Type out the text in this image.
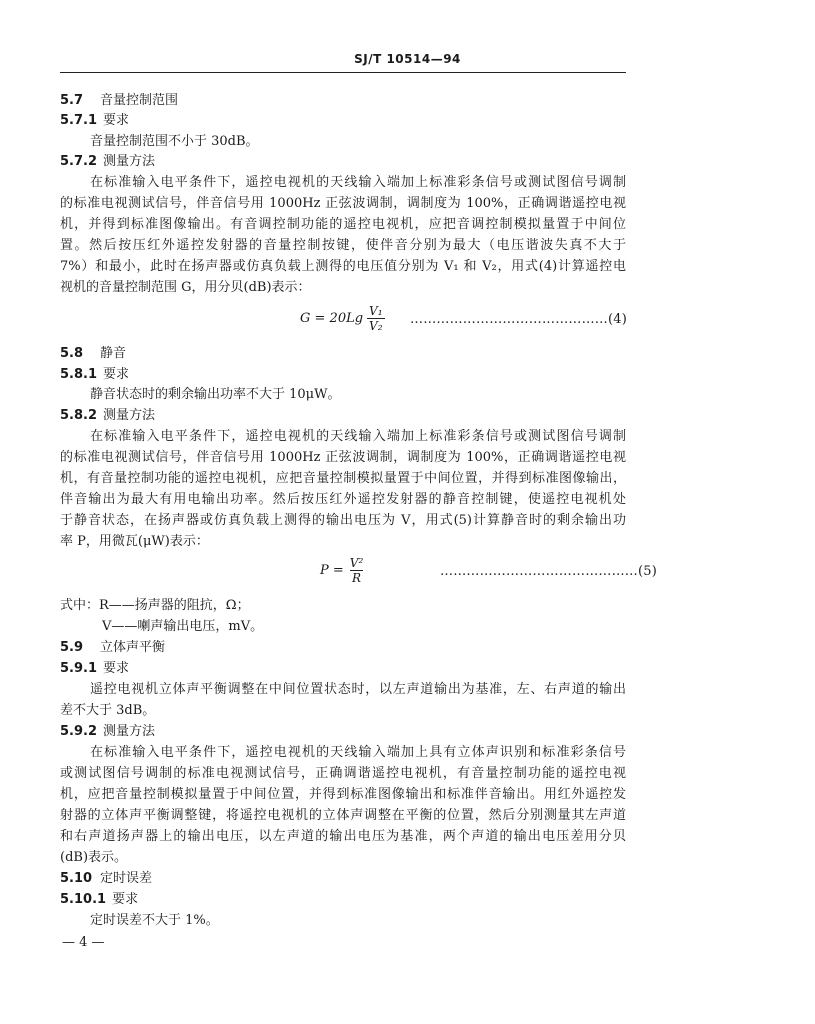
SJ/T 10514—94
5.7 音量控制范围
5.7.1 要求
音量控制范围不小于 30dB。
5.7.2 测量方法
在标准输入电平条件下，遥控电视机的天线输入端加上标准彩条信号或测试图信号调制
的标准电视测试信号，伴音信号用 1000Hz 正弦波调制，调制度为 100%，正确调谐遥控电视
机，并得到标准图像输出。有音调控制功能的遥控电视机，应把音调控制模拟量置于中间位
置。然后按压红外遥控发射器的音量控制按键，使伴音分别为最大（电压谐波失真不大于
7%）和最小，此时在扬声器或仿真负载上测得的电压值分别为 V₁ 和 V₂，用式(4)计算遥控电
视机的音量控制范围 G，用分贝(dB)表示：
$G = 20Lg \frac{\text{V₁}}{\text{V₂}}$ ………………………………………(4)
5.8 静音
5.8.1 要求
静音状态时的剩余输出功率不大于 10μW。
5.8.2 测量方法
在标准输入电平条件下，遥控电视机的天线输入端加上标准彩条信号或测试图信号调制
的标准电视测试信号，伴音信号用 1000Hz 正弦波调制，调制度为 100%，正确调谐遥控电视
机，有音量控制功能的遥控电视机，应把音量控制模拟量置于中间位置，并得到标准图像输出，
伴音输出为最大有用电输出功率。然后按压红外遥控发射器的静音控制键，使遥控电视机处
于静音状态，在扬声器或仿真负载上测得的输出电压为 V，用式(5)计算静音时的剩余输出功
率 P，用微瓦(μW)表示：
$P = \frac{\text{V²}}{R}$	………………………………………(5)
式中：R——扬声器的阻抗，Ω；
V——喇声输出电压，mV。
5.9 立体声平衡
5.9.1 要求
遥控电视机立体声平衡调整在中间位置状态时，以左声道输出为基准，左、右声道的输出
差不大于 3dB。
5.9.2 测量方法
在标准输入电平条件下，遥控电视机的天线输入端加上具有立体声识别和标准彩条信号
或测试图信号调制的标准电视测试信号，正确调谐遥控电视机，有音量控制功能的遥控电视
机，应把音量控制模拟量置于中间位置，并得到标准图像输出和标准伴音输出。用红外遥控发
射器的立体声平衡调整键，将遥控电视机的立体声调整在平衡的位置，然后分别测量其左声道
和右声道扬声器上的输出电压，以左声道的输出电压为基准，两个声道的输出电压差用分贝
(dB)表示。
5.10 定时误差
5.10.1 要求
定时误差不大于 1%。
— 4 —
